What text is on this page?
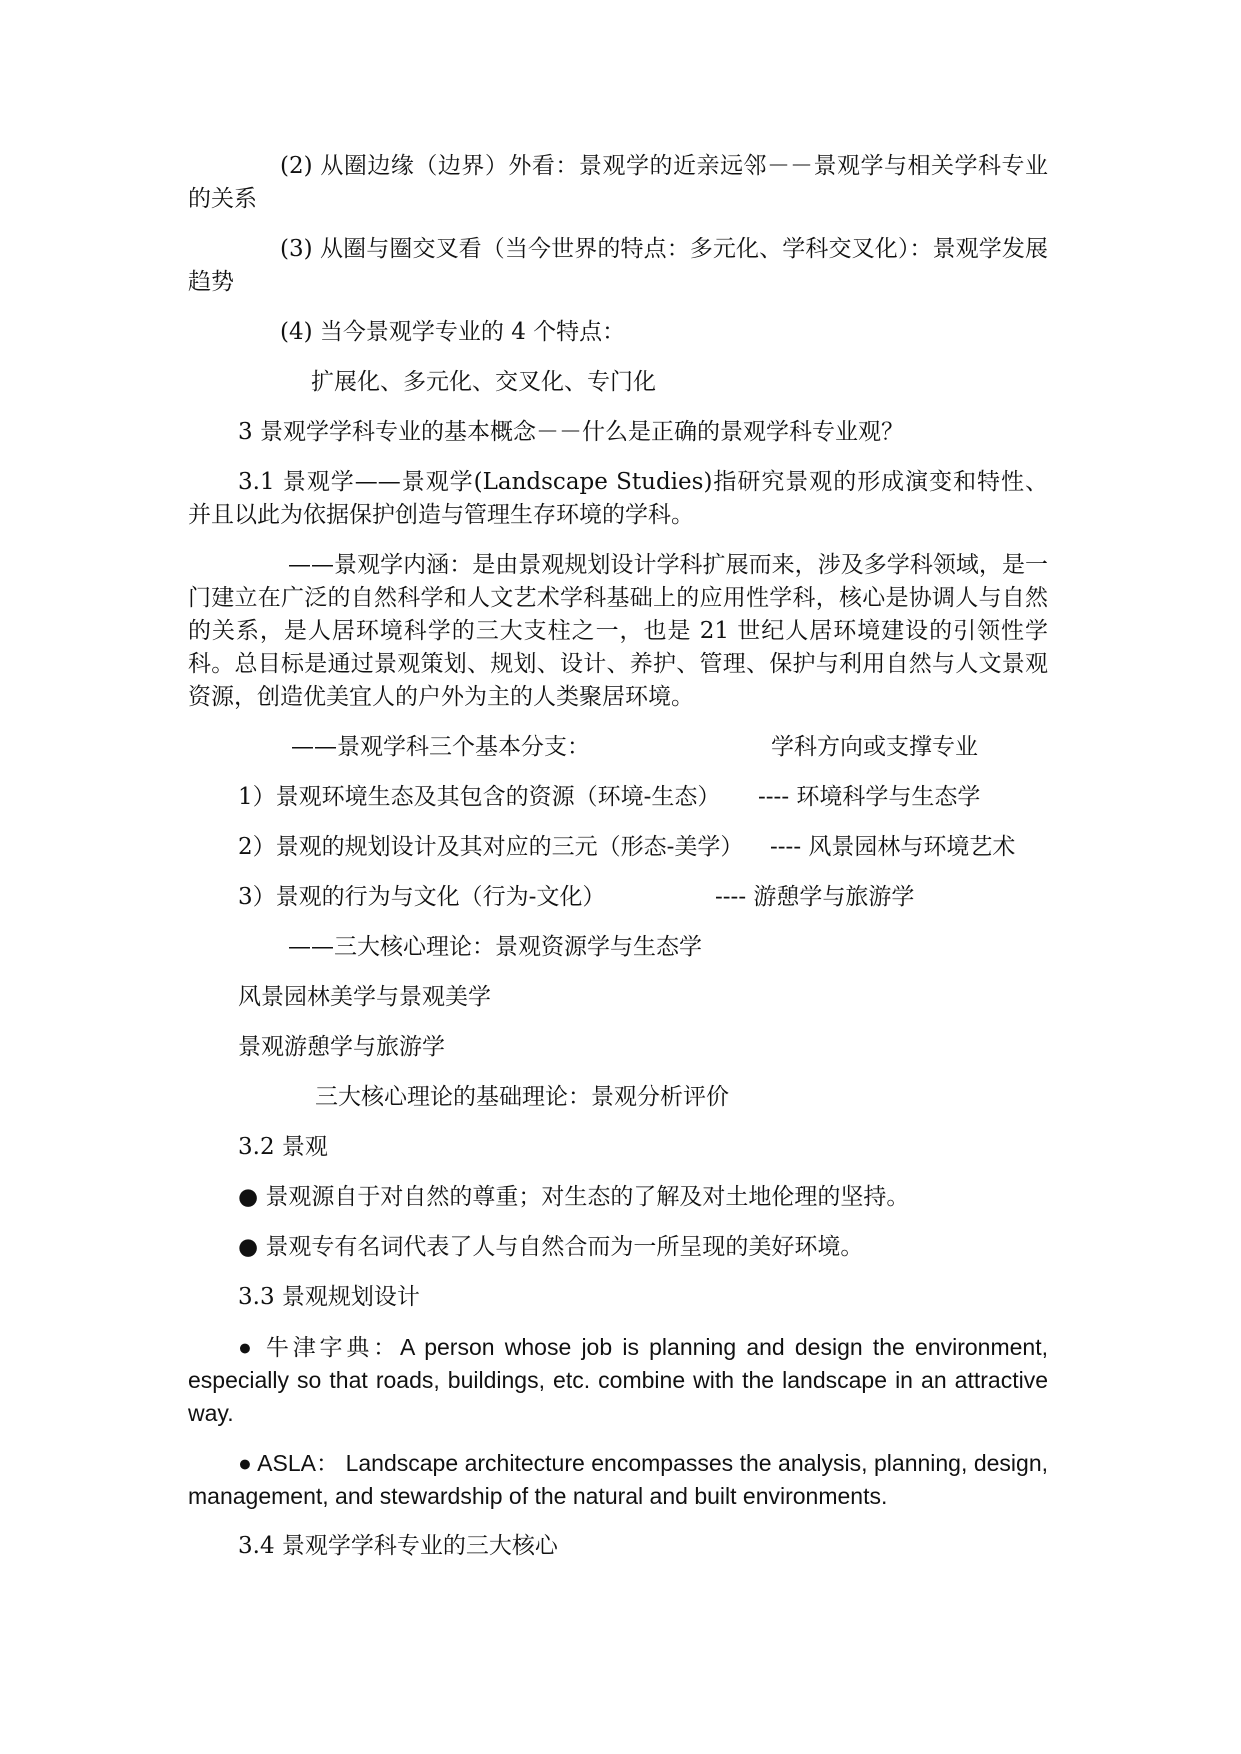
(2) 从圈边缘（边界）外看：景观学的近亲远邻－－景观学与相关学科专业的关系

(3) 从圈与圈交叉看（当今世界的特点：多元化、学科交叉化）：景观学发展趋势

(4) 当今景观学专业的 4 个特点：

扩展化、多元化、交叉化、专门化

3 景观学学科专业的基本概念－－什么是正确的景观学科专业观？

3.1 景观学——景观学(Landscape Studies)指研究景观的形成演变和特性、并且以此为依据保护创造与管理生存环境的学科。

——景观学内涵：是由景观规划设计学科扩展而来，涉及多学科领域，是一门建立在广泛的自然科学和人文艺术学科基础上的应用性学科，核心是协调人与自然的关系，是人居环境科学的三大支柱之一，也是 21 世纪人居环境建设的引领性学科。总目标是通过景观策划、规划、设计、养护、管理、保护与利用自然与人文景观资源，创造优美宜人的户外为主的人类聚居环境。

——景观学科三个基本分支：	学科方向或支撑专业
1）景观环境生态及其包含的资源（环境-生态）	---- 环境科学与生态学
2）景观的规划设计及其对应的三元（形态-美学）	---- 风景园林与环境艺术
3）景观的行为与文化（行为-文化）	---- 游憩学与旅游学

——三大核心理论：景观资源学与生态学

风景园林美学与景观美学

景观游憩学与旅游学

三大核心理论的基础理论：景观分析评价

3.2 景观

● 景观源自于对自然的尊重；对生态的了解及对土地伦理的坚持。

● 景观专有名词代表了人与自然合而为一所呈现的美好环境。

3.3 景观规划设计

● 牛津字典：A person whose job is planning and design the environment, especially so that roads, buildings, etc. combine with the landscape in an attractive way.

● ASLA： Landscape architecture encompasses the analysis, planning, design, management, and stewardship of the natural and built environments.

3.4 景观学学科专业的三大核心
